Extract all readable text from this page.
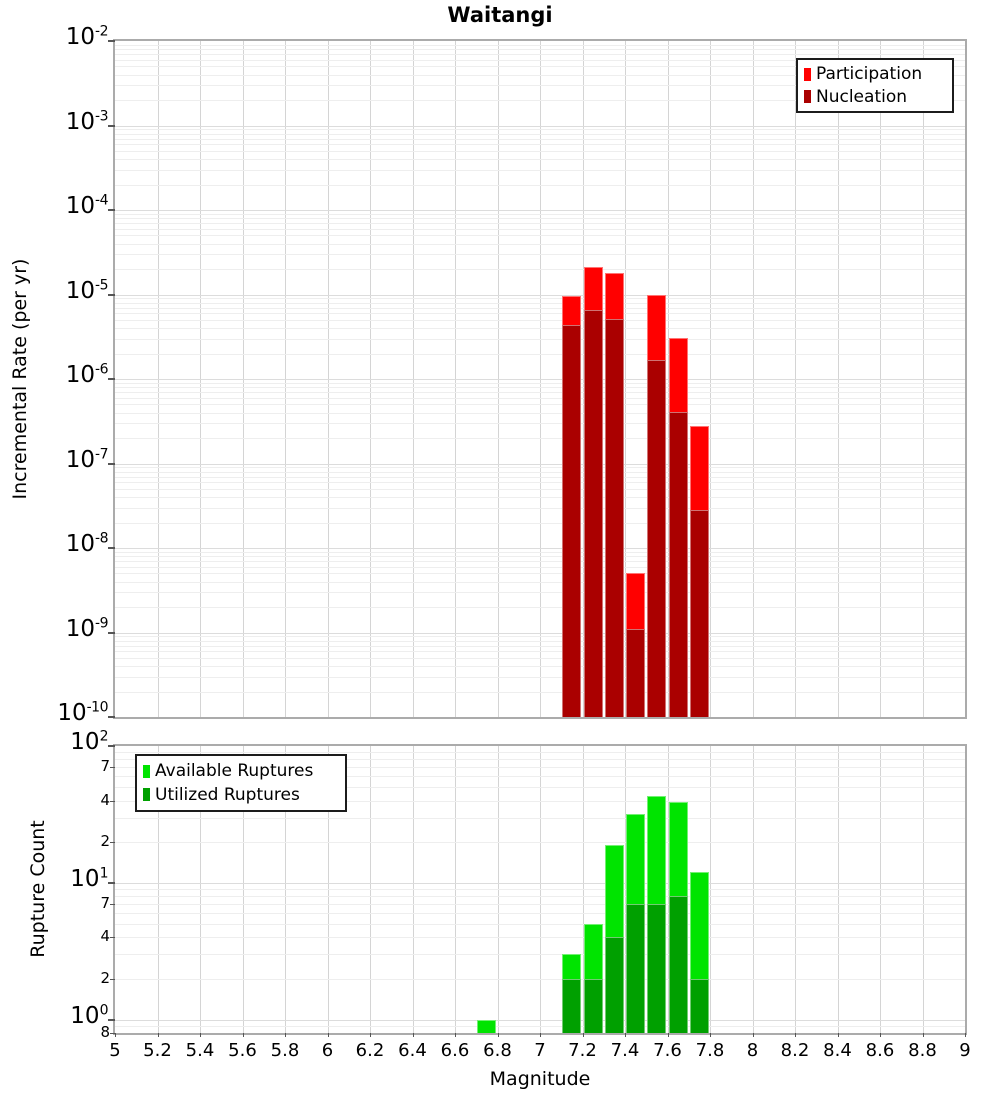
Waitangi
$10^{-2}$
$10^{-3}$
$10^{-4}$
$10^{-5}$
$10^{-6}$
$10^{-7}$
$10^{-8}$
$10^{-9}$
$10^{-10}$
$10^2$
$10^1$
$10^0$
7
4
2
7
4
2
8
5	5.2 5.4 5.6 5.8	6	6.2 6.4 6.6 6.8	7	7.2 7.4 7.6 7.8	8	8.2 8.4 8.6 8.8	9
Incremental Rate (per yr)
Rupture Count
Magnitude
Participation
Nucleation
Available Ruptures
Utilized Ruptures
